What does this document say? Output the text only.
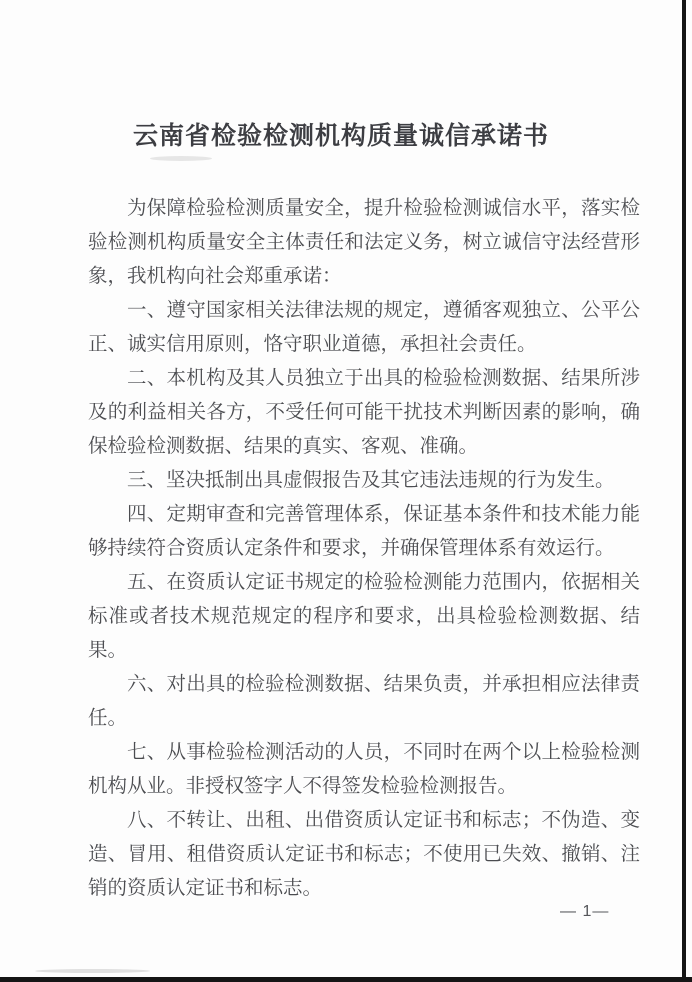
云南省检验检测机构质量诚信承诺书

为保障检验检测质量安全，提升检验检测诚信水平，落实检验检测机构质量安全主体责任和法定义务，树立诚信守法经营形象，我机构向社会郑重承诺：

一、遵守国家相关法律法规的规定，遵循客观独立、公平公正、诚实信用原则，恪守职业道德，承担社会责任。

二、本机构及其人员独立于出具的检验检测数据、结果所涉及的利益相关各方，不受任何可能干扰技术判断因素的影响，确保检验检测数据、结果的真实、客观、准确。

三、坚决抵制出具虚假报告及其它违法违规的行为发生。

四、定期审查和完善管理体系，保证基本条件和技术能力能够持续符合资质认定条件和要求，并确保管理体系有效运行。

五、在资质认定证书规定的检验检测能力范围内，依据相关标准或者技术规范规定的程序和要求，出具检验检测数据、结果。

六、对出具的检验检测数据、结果负责，并承担相应法律责任。

七、从事检验检测活动的人员，不同时在两个以上检验检测机构从业。非授权签字人不得签发检验检测报告。

八、不转让、出租、出借资质认定证书和标志；不伪造、变造、冒用、租借资质认定证书和标志；不使用已失效、撤销、注销的资质认定证书和标志。

— 1—
